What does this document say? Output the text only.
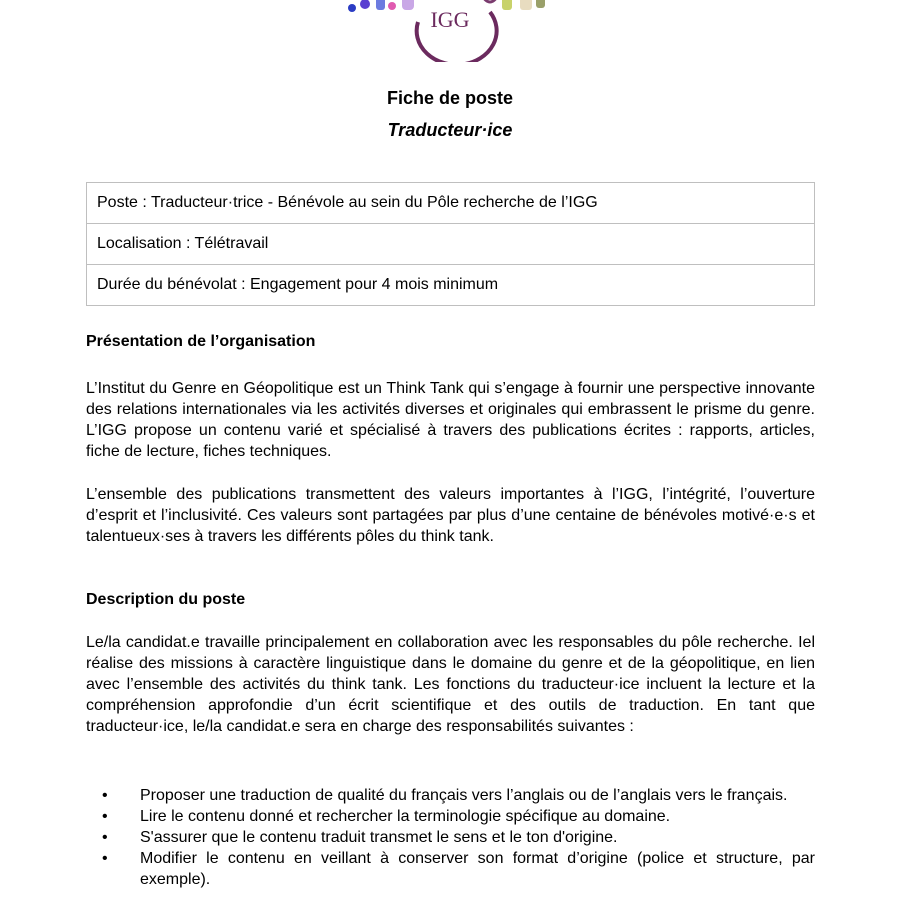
IGG
Fiche de poste
Traducteur·ice
Poste : Traducteur·trice - Bénévole au sein du Pôle recherche de l’IGG
Localisation : Télétravail
Durée du bénévolat : Engagement pour 4 mois minimum
Présentation de l’organisation
L’Institut du Genre en Géopolitique est un Think Tank qui s’engage à fournir une perspective innovante des relations internationales via les activités diverses et originales qui embrassent le prisme du genre. L’IGG propose un contenu varié et spécialisé à travers des publications écrites : rapports, articles, fiche de lecture, fiches techniques.
L’ensemble des publications transmettent des valeurs importantes à l’IGG, l’intégrité, l’ouverture d’esprit et l’inclusivité. Ces valeurs sont partagées par plus d’une centaine de bénévoles motivé·e·s et talentueux·ses à travers les différents pôles du think tank.
Description du poste
Le/la candidat.e travaille principalement en collaboration avec les responsables du pôle recherche. Iel réalise des missions à caractère linguistique dans le domaine du genre et de la géopolitique, en lien avec l’ensemble des activités du think tank. Les fonctions du traducteur·ice incluent la lecture et la compréhension approfondie d’un écrit scientifique et des outils de traduction. En tant que traducteur·ice, le/la candidat.e sera en charge des responsabilités suivantes :
• Proposer une traduction de qualité du français vers l’anglais ou de l’anglais vers le français.
• Lire le contenu donné et rechercher la terminologie spécifique au domaine.
• S'assurer que le contenu traduit transmet le sens et le ton d'origine.
• Modifier le contenu en veillant à conserver son format d’origine (police et structure, par exemple).
